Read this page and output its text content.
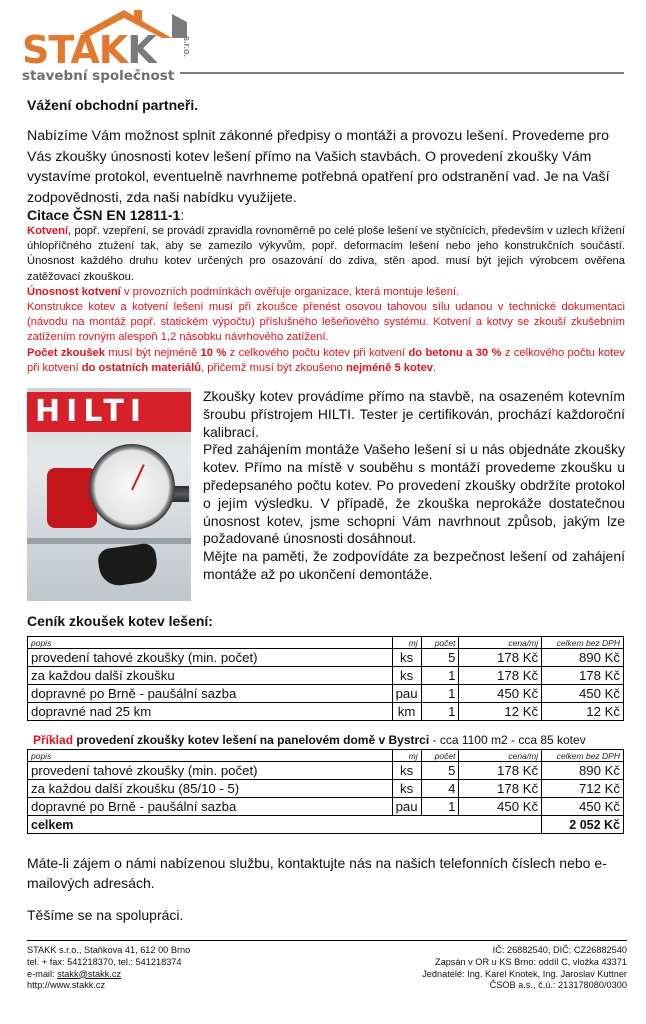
STAKK	s.r.o.
stavební společnost
Vážení obchodní partneři.
Nabízíme Vám možnost splnit zákonné předpisy o montáži a provozu lešení. Provedeme pro Vás zkoušky únosnosti kotev lešení přímo na Vašich stavbách. O provedení zkoušky Vám vystavíme protokol, eventuelně navrhneme potřebná opatření pro odstranění vad. Je na Vaší zodpovědnosti, zda naši nabídku využijete.
Citace ČSN EN 12811-1:

Kotvení, popř. vzepření, se provádí zpravidla rovnoměrně po celé ploše lešení ve styčnících, především v uzlech křížení úhlopříčného ztužení tak, aby se zamezilo výkyvům, popř. deformacím lešení nebo jeho konstrukčních součástí. Únosnost každého druhu kotev určených pro osazování do zdiva, stěn apod. musí být jejich výrobcem ověřena zatěžovací zkouškou.

Únosnost kotvení v provozních podmínkách ověřuje organizace, která montuje lešení.

Konstrukce kotev a kotvení lešení musí při zkoušce přenést osovou tahovou sílu udanou v technické dokumentaci (návodu na montáž popř. statickém výpočtu) příslušného lešeňového systému. Kotvení a kotvy se zkouší zkušebním zatížením rovným alespoň 1,2 násobku návrhového zatížení.

Počet zkoušek musí být nejméně 10 % z celkového počtu kotev při kotvení do betonu a 30 % z celkového počtu kotev při kotvení do ostatních materiálů, přičemž musí být zkoušeno nejméně 5 kotev.

HILTI	Zkoušky kotev provádíme přímo na stavbě, na osazeném kotevním šroubu přístrojem HILTI. Tester je certifikován, prochází každoroční kalibrací.

Před zahájením montáže Vašeho lešení si u nás objednáte zkoušky kotev. Přímo na místě v souběhu s montáží provedeme zkoušku u předepsaného počtu kotev. Po provedení zkoušky obdržíte protokol o jejím výsledku. V případě, že zkouška neprokáže dostatečnou únosnost kotev, jsme schopni Vám navrhnout způsob, jakým lze požadované únosnosti dosáhnout.

Mějte na paměti, že zodpovídáte za bezpečnost lešení od zahájení montáže až po ukončení demontáže.

Ceník zkoušek kotev lešení:
popis	mj	počet	cena/mj	celkem bez DPH
provedení tahové zkoušky (min. počet)	ks	5	178 Kč	890 Kč
za každou další zkoušku	ks	1	178 Kč	178 Kč
dopravné po Brně - paušální sazba	pau	1	450 Kč	450 Kč
dopravné nad 25 km	km	1	12 Kč	12 Kč
Příklad provedení zkoušky kotev lešení na panelovém domě v Bystrci - cca 1100 m2 - cca 85 kotev
popis	mj	počet	cena/mj	celkem bez DPH
provedení tahové zkoušky (min. počet)	ks	5	178 Kč	890 Kč
za každou další zkoušku (85/10 - 5)	ks	4	178 Kč	712 Kč
dopravné po Brně - paušální sazba	pau	1	450 Kč	450 Kč
celkem				2 052 Kč
Máte-li zájem o námi nabízenou službu, kontaktujte nás na našich telefonních číslech nebo e-mailových adresách.
Těšíme se na spolupráci.
STAKK s.r.o., Staňkova 41, 612 00 Brno
tel. + fax: 541218370, tel.: 541218374
e-mail: stakk@stakk.cz
http://www.stakk.cz
IČ: 26882540, DIČ: CZ26882540
Zapsán v OR u KS Brno: oddíl C, vložka 43371
Jednatelé: Ing. Karel Knotek, Ing. Jaroslav Kuttner
ČSOB a.s., č.ú.: 213178080/0300
